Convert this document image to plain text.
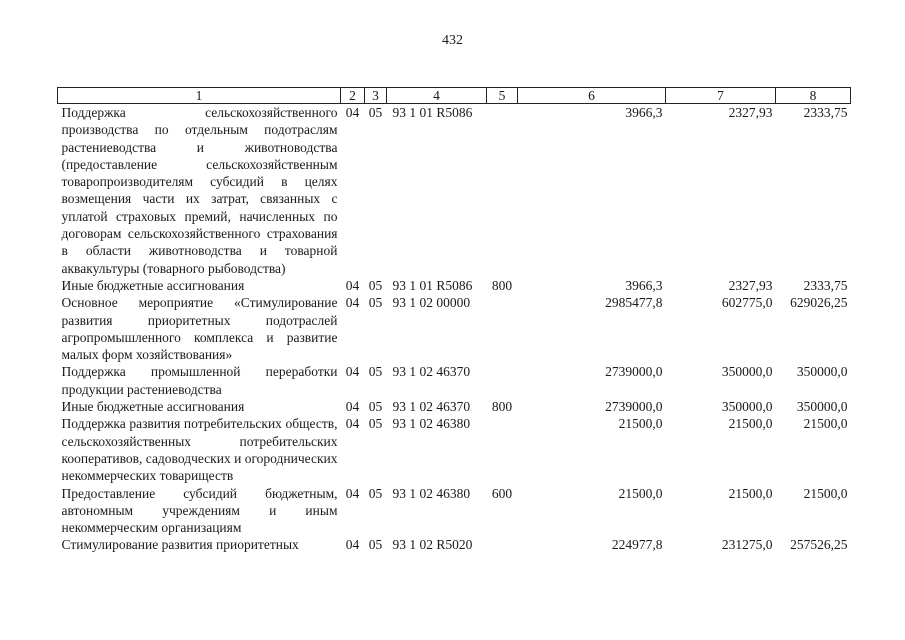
432
1	2	3	4	5	6	7	8
Поддержка сельскохозяйственного производства по отдельным подотраслям растениеводства и животноводства (предоставление сельскохозяйственным товаропроизводителям субсидий в целях возмещения части их затрат, связанных с уплатой страховых премий, начисленных по договорам сельскохозяйственного страхования в области животноводства и товарной аквакультуры (товарного рыбоводства)	04	05	93 1 01 R5086		3966,3	2327,93	2333,75
Иные бюджетные ассигнования	04	05	93 1 01 R5086	800	3966,3	2327,93	2333,75
Основное мероприятие «Стимулирование развития приоритетных подотраслей агропромышленного комплекса и развитие малых форм хозяйствования»	04	05	93 1 02 00000		2985477,8	602775,0	629026,25
Поддержка промышленной переработки продукции растениеводства	04	05	93 1 02 46370		2739000,0	350000,0	350000,0
Иные бюджетные ассигнования	04	05	93 1 02 46370	800	2739000,0	350000,0	350000,0
Поддержка развития потребительских обществ, сельскохозяйственных потребительских кооперативов, садоводческих и огороднических некоммерческих товариществ	04	05	93 1 02 46380		21500,0	21500,0	21500,0
Предоставление субсидий бюджетным, автономным учреждениям и иным некоммерческим организациям	04	05	93 1 02 46380	600	21500,0	21500,0	21500,0
Стимулирование развития приоритетных	04	05	93 1 02 R5020		224977,8	231275,0	257526,25
